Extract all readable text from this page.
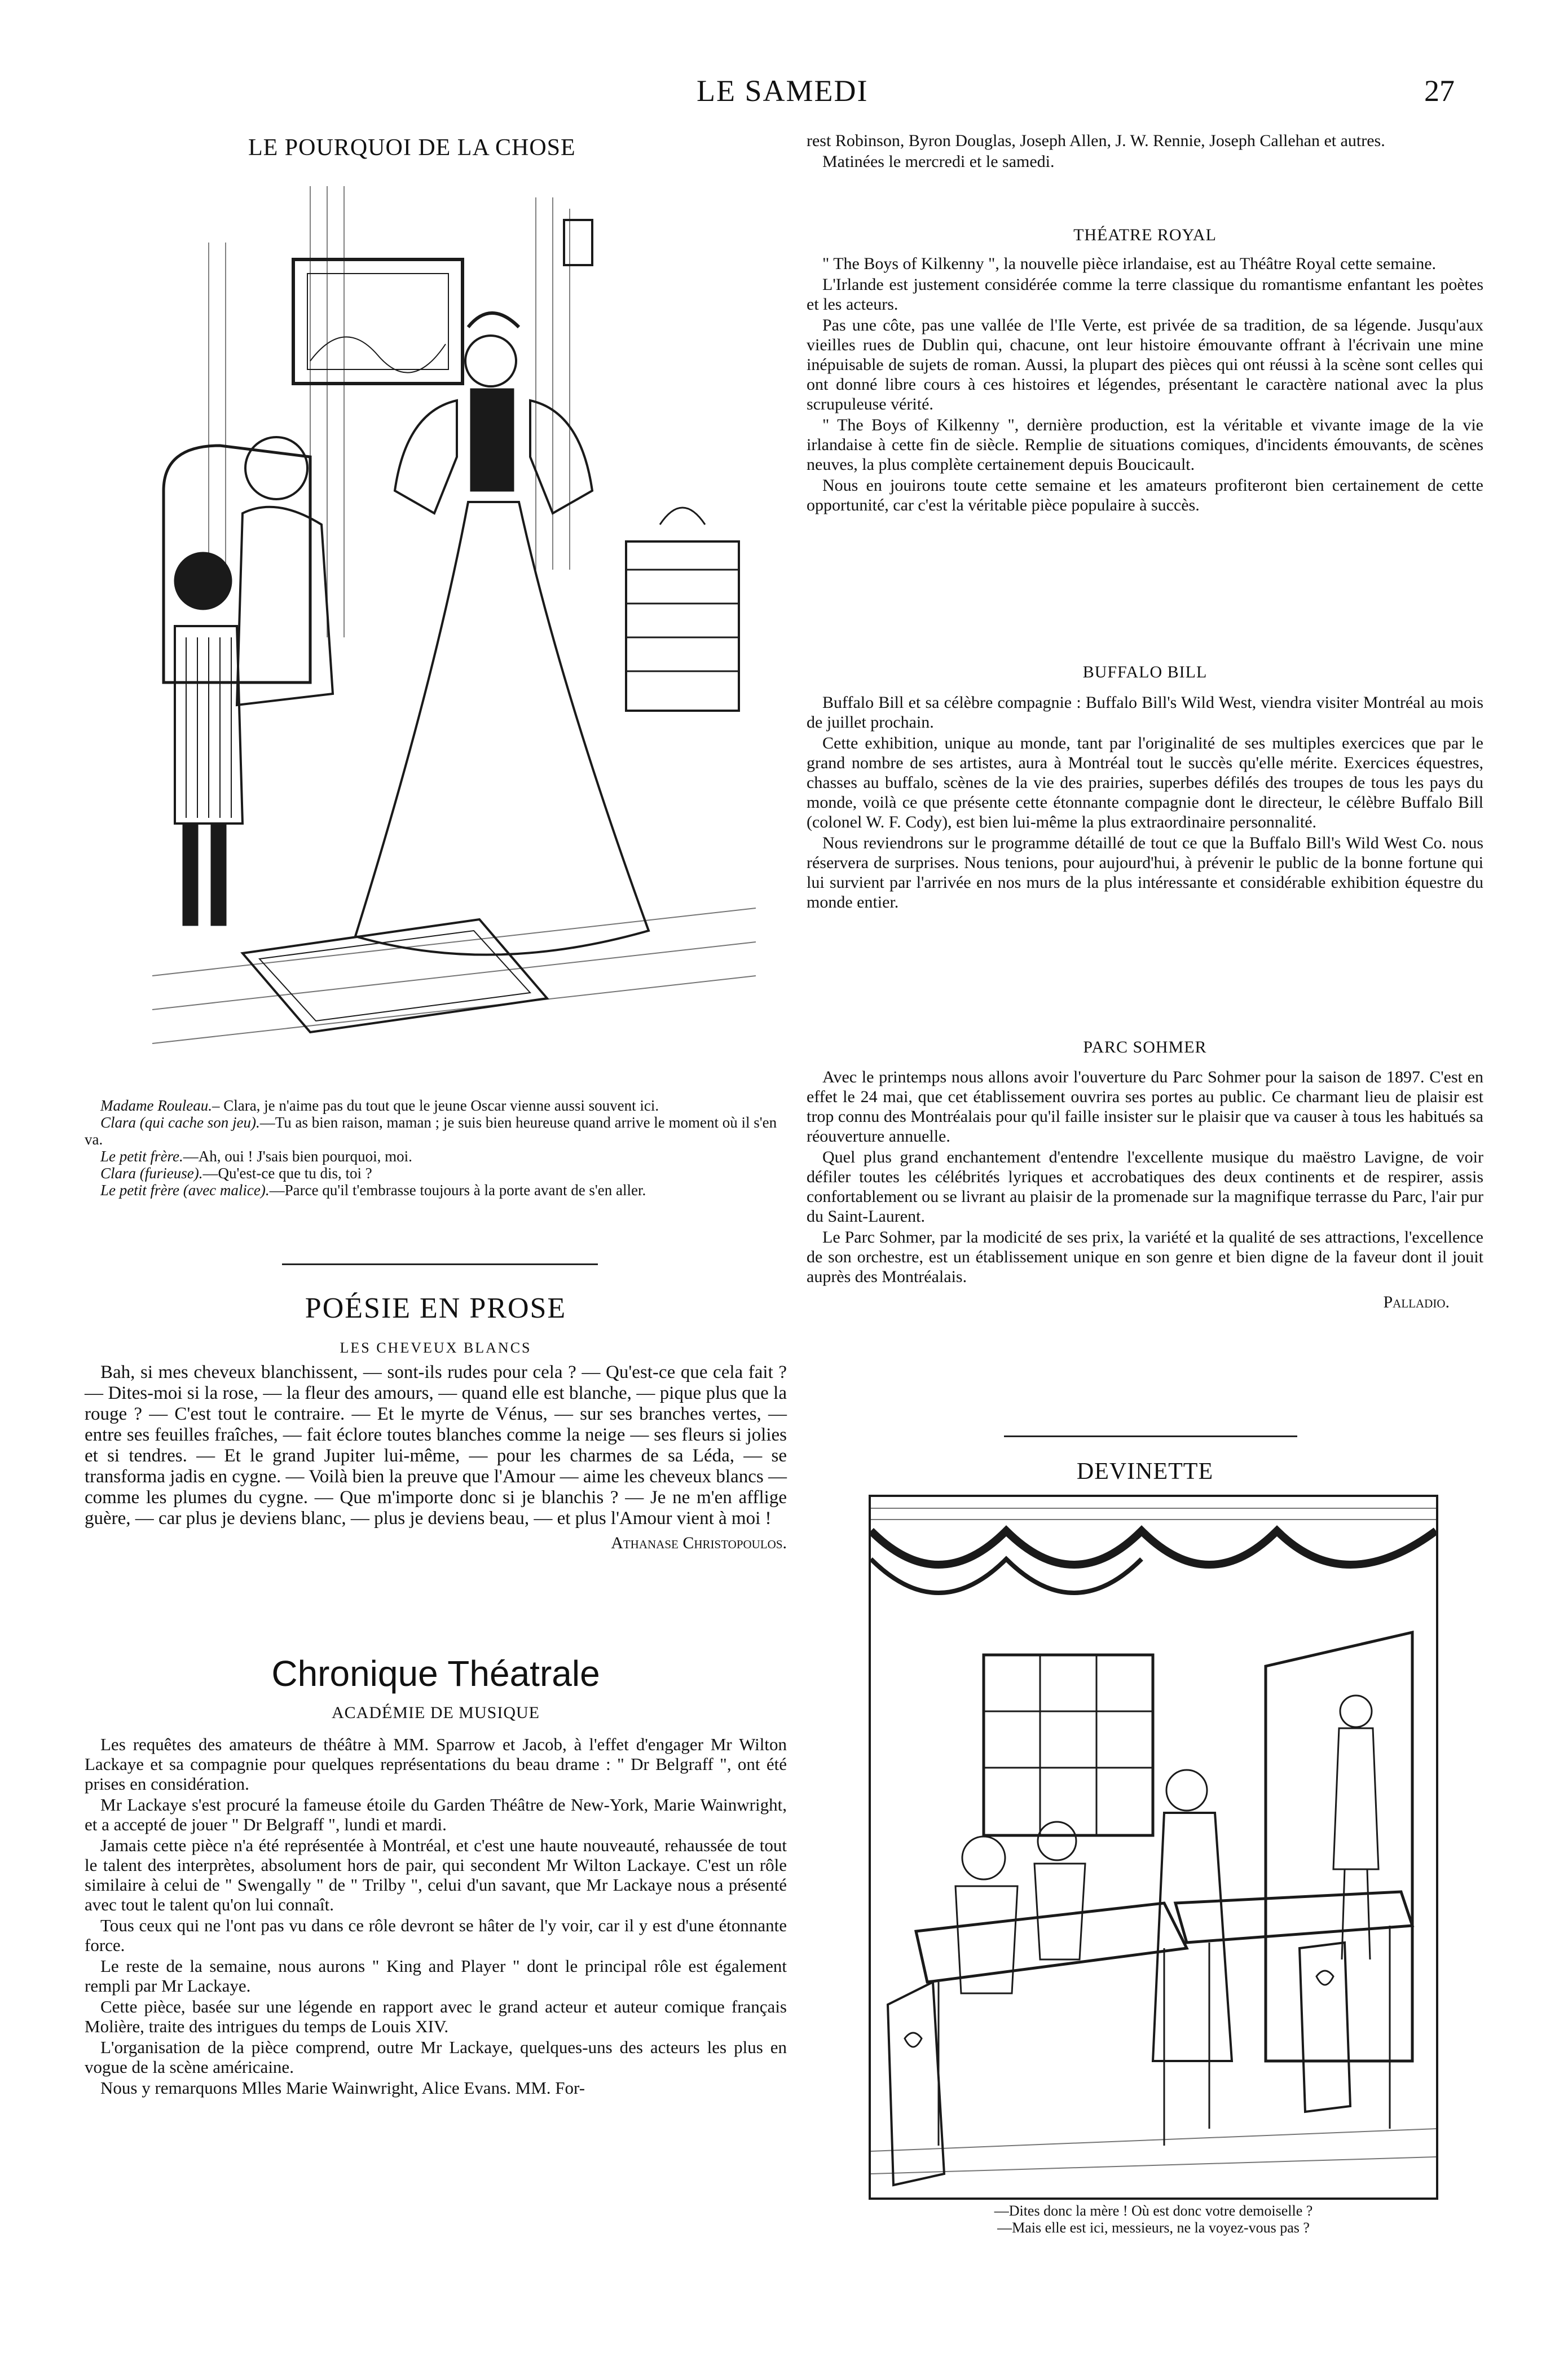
LE SAMEDI	27
LE POURQUOI DE LA CHOSE

Madame Rouleau.– Clara, je n'aime pas du tout que le jeune Oscar vienne aussi souvent ici.

Clara (qui cache son jeu).—Tu as bien raison, maman ; je suis bien heureuse quand arrive le moment où il s'en va.

Le petit frère.—Ah, oui ! J'sais bien pourquoi, moi.

Clara (furieuse).—Qu'est-ce que tu dis, toi ?

Le petit frère (avec malice).—Parce qu'il t'embrasse toujours à la porte avant de s'en aller.

POÉSIE EN PROSE
LES CHEVEUX BLANCS

Bah, si mes cheveux blanchissent, — sont-ils rudes pour cela ? — Qu'est-ce que cela fait ? — Dites-moi si la rose, — la fleur des amours, — quand elle est blanche, — pique plus que la rouge ? — C'est tout le contraire. — Et le myrte de Vénus, — sur ses branches vertes, — entre ses feuilles fraîches, — fait éclore toutes blanches comme la neige — ses fleurs si jolies et si tendres. — Et le grand Jupiter lui-même, — pour les charmes de sa Léda, — se transforma jadis en cygne. — Voilà bien la preuve que l'Amour — aime les cheveux blancs — comme les plumes du cygne. — Que m'importe donc si je blanchis ? — Je ne m'en afflige guère, — car plus je deviens blanc, — plus je deviens beau, — et plus l'Amour vient à moi !

Athanase Christopoulos.
Chronique Théatrale
ACADÉMIE DE MUSIQUE

Les requêtes des amateurs de théâtre à MM. Sparrow et Jacob, à l'effet d'engager Mr Wilton Lackaye et sa compagnie pour quelques représentations du beau drame : " Dr Belgraff ", ont été prises en considération.

Mr Lackaye s'est procuré la fameuse étoile du Garden Théâtre de New-York, Marie Wainwright, et a accepté de jouer " Dr Belgraff ", lundi et mardi.

Jamais cette pièce n'a été représentée à Montréal, et c'est une haute nouveauté, rehaussée de tout le talent des interprètes, absolument hors de pair, qui secondent Mr Wilton Lackaye. C'est un rôle similaire à celui de " Swengally " de " Trilby ", celui d'un savant, que Mr Lackaye nous a présenté avec tout le talent qu'on lui connaît.

Tous ceux qui ne l'ont pas vu dans ce rôle devront se hâter de l'y voir, car il y est d'une étonnante force.

Le reste de la semaine, nous aurons " King and Player " dont le principal rôle est également rempli par Mr Lackaye.

Cette pièce, basée sur une légende en rapport avec le grand acteur et auteur comique français Molière, traite des intrigues du temps de Louis XIV.

L'organisation de la pièce comprend, outre Mr Lackaye, quelques-uns des acteurs les plus en vogue de la scène américaine.

Nous y remarquons Mlles Marie Wainwright, Alice Evans. MM. For-

rest Robinson, Byron Douglas, Joseph Allen, J. W. Rennie, Joseph Callehan et autres.

Matinées le mercredi et le samedi.

THÉATRE ROYAL

" The Boys of Kilkenny ", la nouvelle pièce irlandaise, est au Théâtre Royal cette semaine.

L'Irlande est justement considérée comme la terre classique du romantisme enfantant les poètes et les acteurs.

Pas une côte, pas une vallée de l'Ile Verte, est privée de sa tradition, de sa légende. Jusqu'aux vieilles rues de Dublin qui, chacune, ont leur histoire émouvante offrant à l'écrivain une mine inépuisable de sujets de roman. Aussi, la plupart des pièces qui ont réussi à la scène sont celles qui ont donné libre cours à ces histoires et légendes, présentant le caractère national avec la plus scrupuleuse vérité.

" The Boys of Kilkenny ", dernière production, est la véritable et vivante image de la vie irlandaise à cette fin de siècle. Remplie de situations comiques, d'incidents émouvants, de scènes neuves, la plus complète certainement depuis Boucicault.

Nous en jouirons toute cette semaine et les amateurs profiteront bien certainement de cette opportunité, car c'est la véritable pièce populaire à succès.

BUFFALO BILL

Buffalo Bill et sa célèbre compagnie : Buffalo Bill's Wild West, viendra visiter Montréal au mois de juillet prochain.

Cette exhibition, unique au monde, tant par l'originalité de ses multiples exercices que par le grand nombre de ses artistes, aura à Montréal tout le succès qu'elle mérite. Exercices équestres, chasses au buffalo, scènes de la vie des prairies, superbes défilés des troupes de tous les pays du monde, voilà ce que présente cette étonnante compagnie dont le directeur, le célèbre Buffalo Bill (colonel W. F. Cody), est bien lui-même la plus extraordinaire personnalité.

Nous reviendrons sur le programme détaillé de tout ce que la Buffalo Bill's Wild West Co. nous réservera de surprises. Nous tenions, pour aujourd'hui, à prévenir le public de la bonne fortune qui lui survient par l'arrivée en nos murs de la plus intéressante et considérable exhibition équestre du monde entier.

PARC SOHMER

Avec le printemps nous allons avoir l'ouverture du Parc Sohmer pour la saison de 1897. C'est en effet le 24 mai, que cet établissement ouvrira ses portes au public. Ce charmant lieu de plaisir est trop connu des Montréalais pour qu'il faille insister sur le plaisir que va causer à tous les habitués sa réouverture annuelle.

Quel plus grand enchantement d'entendre l'excellente musique du maëstro Lavigne, de voir défiler toutes les célébrités lyriques et accrobatiques des deux continents et de respirer, assis confortablement ou se livrant au plaisir de la promenade sur la magnifique terrasse du Parc, l'air pur du Saint-Laurent.

Le Parc Sohmer, par la modicité de ses prix, la variété et la qualité de ses attractions, l'excellence de son orchestre, est un établissement unique en son genre et bien digne de la faveur dont il jouit auprès des Montréalais.

Palladio.
DEVINETTE
—Dites donc la mère ! Où est donc votre demoiselle ?
—Mais elle est ici, messieurs, ne la voyez-vous pas ?
